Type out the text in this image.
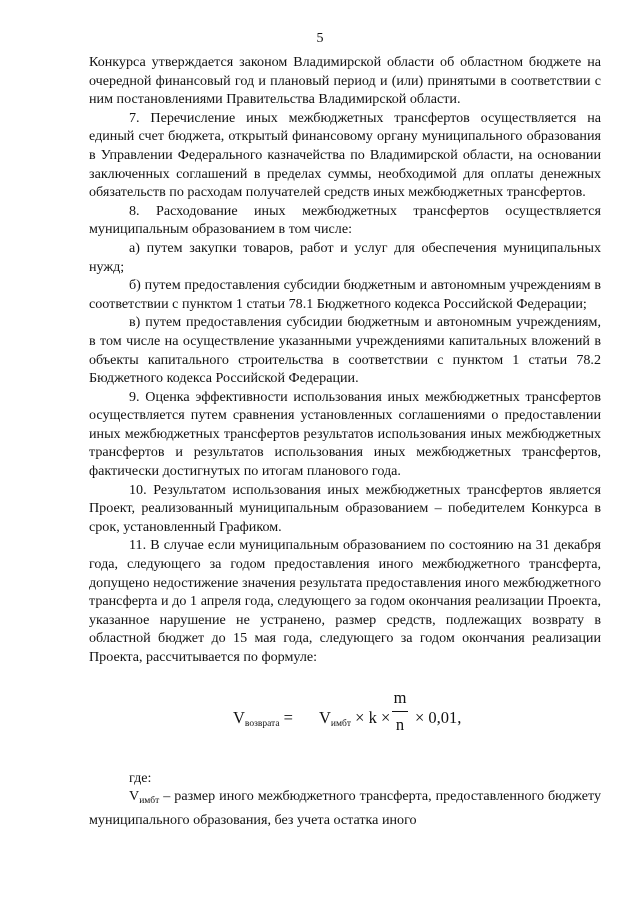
5

Конкурса утверждается законом Владимирской области об областном бюджете на очередной финансовый год и плановый период и (или) принятыми в соответствии с ним постановлениями Правительства Владимирской области.

7. Перечисление иных межбюджетных трансфертов осуществляется на единый счет бюджета, открытый финансовому органу муниципального образования в Управлении Федерального казначейства по Владимирской области, на основании заключенных соглашений в пределах суммы, необходимой для оплаты денежных обязательств по расходам получателей средств иных межбюджетных трансфертов.

8. Расходование иных межбюджетных трансфертов осуществляется муниципальным образованием в том числе:

а) путем закупки товаров, работ и услуг для обеспечения муниципальных нужд;

б) путем предоставления субсидии бюджетным и автономным учреждениям в соответствии с пунктом 1 статьи 78.1 Бюджетного кодекса Российской Федерации;

в) путем предоставления субсидии бюджетным и автономным учреждениям, в том числе на осуществление указанными учреждениями капитальных вложений в объекты капитального строительства в соответствии с пунктом 1 статьи 78.2 Бюджетного кодекса Российской Федерации.

9. Оценка эффективности использования иных межбюджетных трансфертов осуществляется путем сравнения установленных соглашениями о предоставлении иных межбюджетных трансфертов результатов использования иных межбюджетных трансфертов и результатов использования иных межбюджетных трансфертов, фактически достигнутых по итогам планового года.

10. Результатом использования иных межбюджетных трансфертов является Проект, реализованный муниципальным образованием – победителем Конкурса в срок, установленный Графиком.

11. В случае если муниципальным образованием по состоянию на 31 декабря года, следующего за годом предоставления иного межбюджетного трансферта, допущено недостижение значения результата предоставления иного межбюджетного трансферта и до 1 апреля года, следующего за годом окончания реализации Проекта, указанное нарушение не устранено, размер средств, подлежащих возврату в областной бюджет до 15 мая года, следующего за годом окончания реализации Проекта, рассчитывается по формуле:

$V_{возврата} = V_{имбт} \times k$ ×
m
n × 0,01,

где:

$V_{имбт}$ – размер иного межбюджетного трансферта, предоставленного бюджету муниципального образования, без учета остатка иного
